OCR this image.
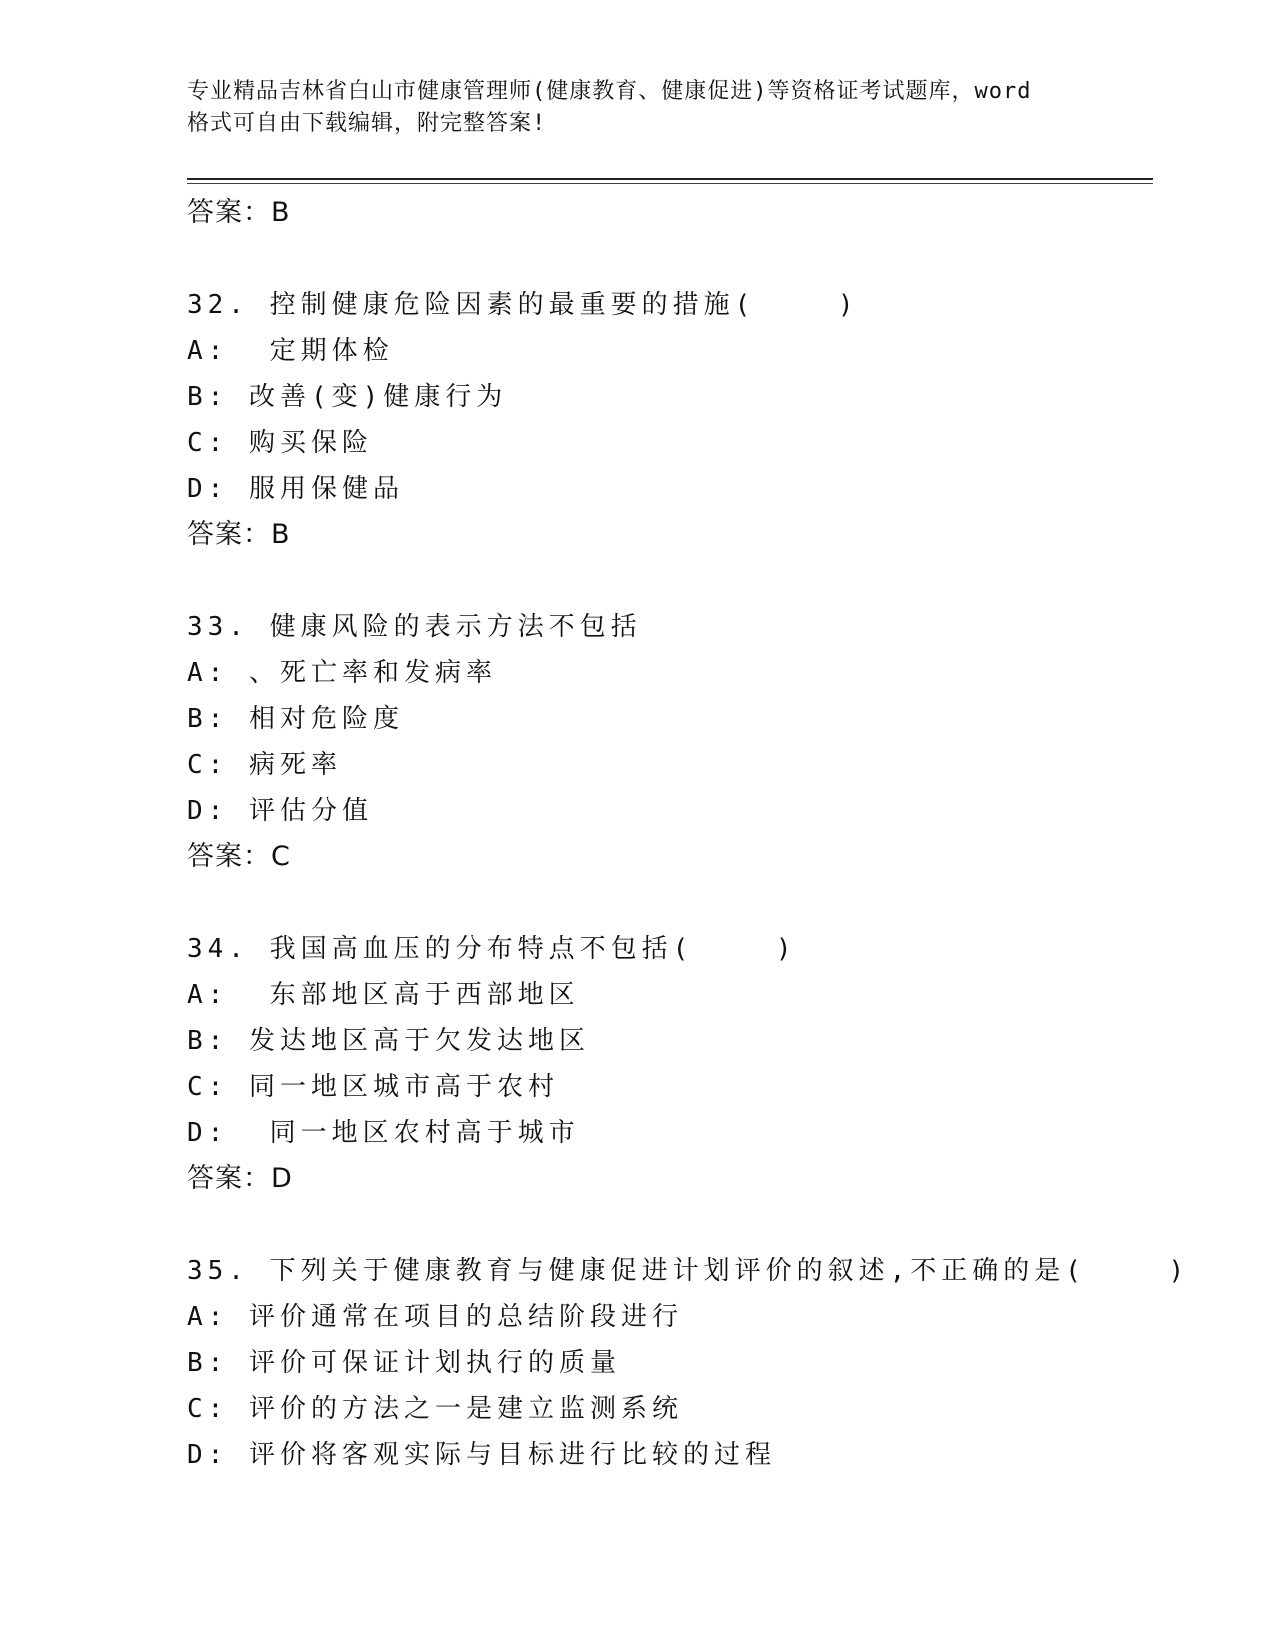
专业精品吉林省白山市健康管理师(健康教育、健康促进)等资格证考试题库，word
格式可自由下载编辑，附完整答案!
答案：B
32. 控制健康危险因素的最重要的措施(    )
A:  定期体检
B: 改善(变)健康行为
C: 购买保险
D: 服用保健品
答案：B
33. 健康风险的表示方法不包括
A: 、死亡率和发病率
B: 相对危险度
C: 病死率
D: 评估分值
答案：C
34. 我国高血压的分布特点不包括(    )
A:  东部地区高于西部地区
B: 发达地区高于欠发达地区
C: 同一地区城市高于农村
D:  同一地区农村高于城市
答案：D
35. 下列关于健康教育与健康促进计划评价的叙述,不正确的是(    )
A: 评价通常在项目的总结阶段进行
B: 评价可保证计划执行的质量
C: 评价的方法之一是建立监测系统
D: 评价将客观实际与目标进行比较的过程
